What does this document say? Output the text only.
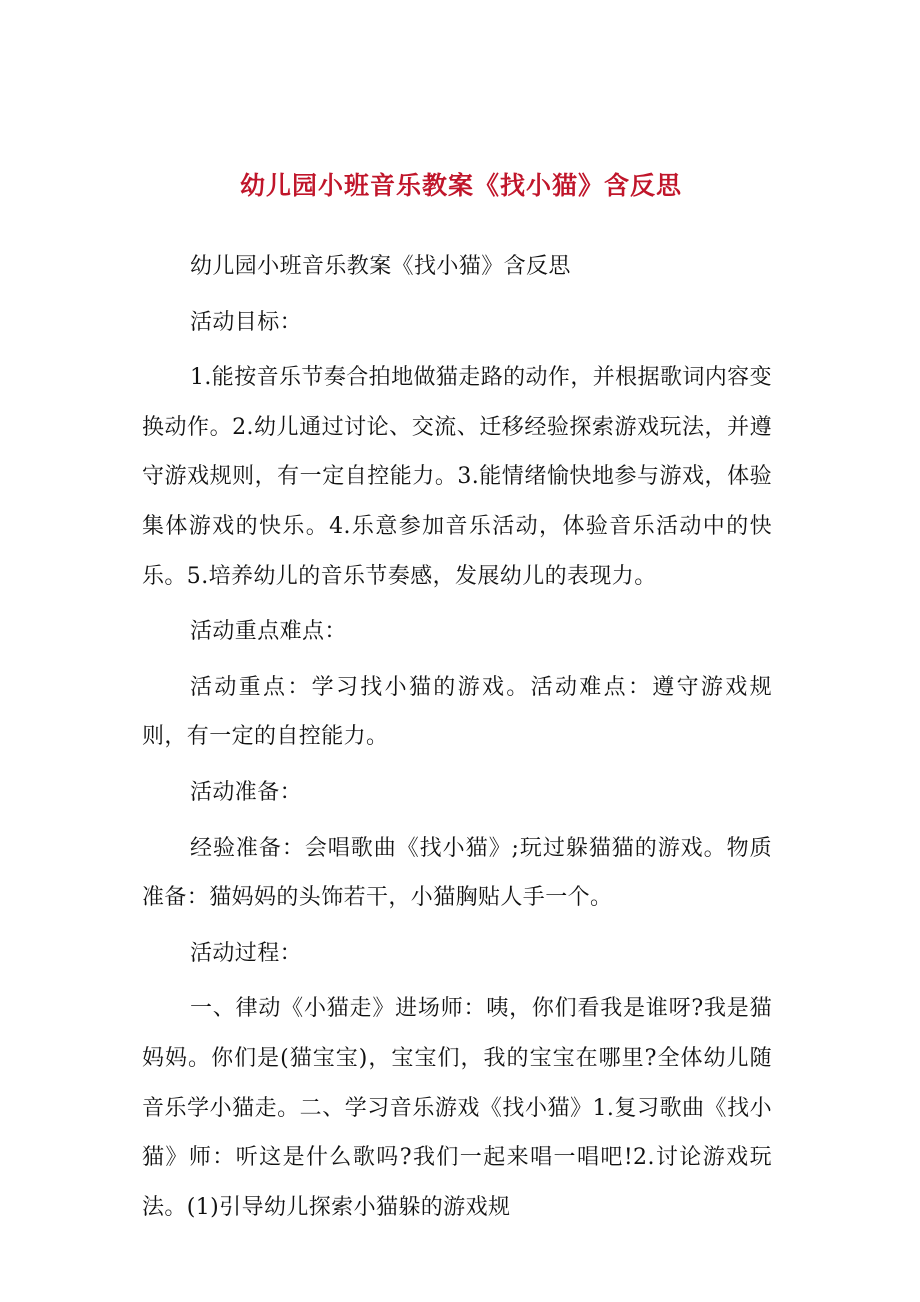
幼儿园小班音乐教案《找小猫》含反思

幼儿园小班音乐教案《找小猫》含反思

活动目标：

1.能按音乐节奏合拍地做猫走路的动作，并根据歌词内容变换动作。2.幼儿通过讨论、交流、迁移经验探索游戏玩法，并遵守游戏规则，有一定自控能力。3.能情绪愉快地参与游戏，体验集体游戏的快乐。4.乐意参加音乐活动，体验音乐活动中的快乐。5.培养幼儿的音乐节奏感，发展幼儿的表现力。

活动重点难点：

活动重点：学习找小猫的游戏。活动难点：遵守游戏规则，有一定的自控能力。

活动准备：

经验准备：会唱歌曲《找小猫》;玩过躲猫猫的游戏。物质准备：猫妈妈的头饰若干，小猫胸贴人手一个。

活动过程：

一、律动《小猫走》进场师：咦，你们看我是谁呀?我是猫妈妈。你们是(猫宝宝)，宝宝们，我的宝宝在哪里?全体幼儿随音乐学小猫走。二、学习音乐游戏《找小猫》1.复习歌曲《找小猫》师：听这是什么歌吗?我们一起来唱一唱吧!2.讨论游戏玩法。(1)引导幼儿探索小猫躲的游戏规
